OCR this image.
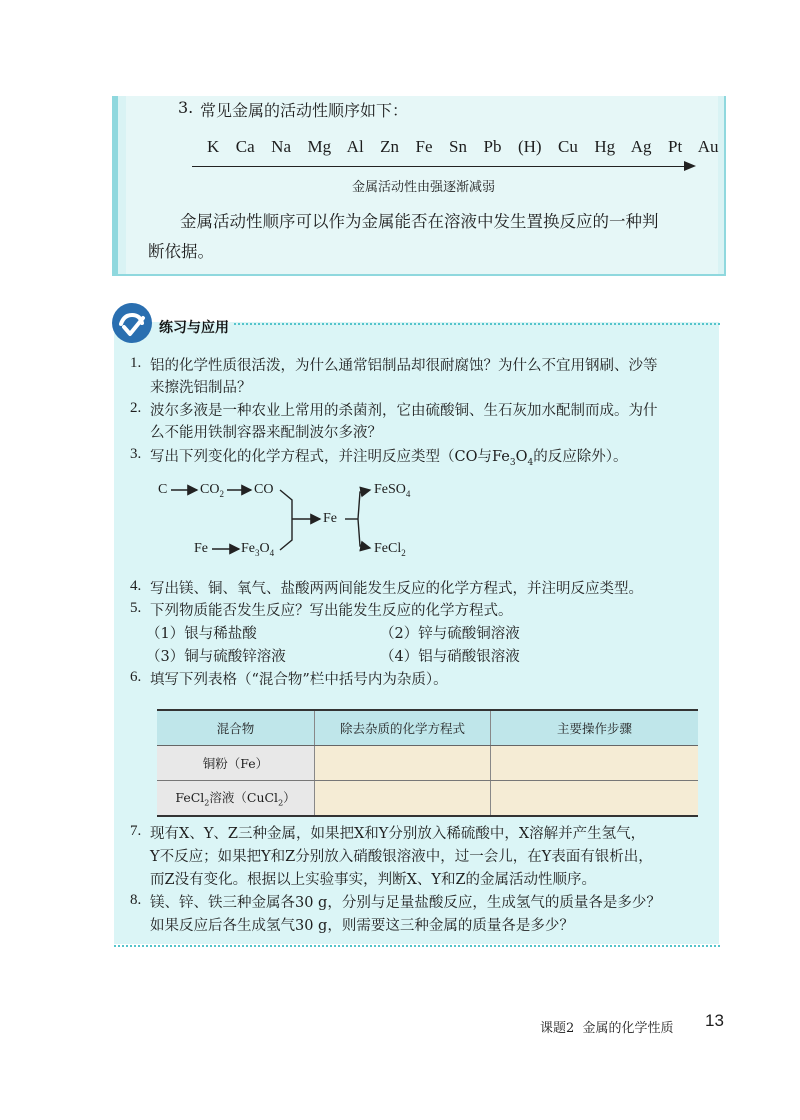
3. 常见金属的活动性顺序如下：
K  Ca  Na  Mg  Al  Zn  Fe  Sn  Pb  (H)  Cu  Hg  Ag  Pt  Au
金属活动性由强逐渐减弱
金属活动性顺序可以作为金属能否在溶液中发生置换反应的一种判
断依据。
练习与应用
1. 铝的化学性质很活泼，为什么通常铝制品却很耐腐蚀？为什么不宜用钢刷、沙等
来擦洗铝制品？
2. 波尔多液是一种农业上常用的杀菌剂，它由硫酸铜、生石灰加水配制而成。为什
么不能用铁制容器来配制波尔多液？
3. 写出下列变化的化学方程式，并注明反应类型（CO与$Fe_3O_4$的反应除外）。
C $CO_2$ CO
Fe $Fe_3O_4$
Fe
FeSO$_4$
FeCl$_2$
4. 写出镁、铜、氧气、盐酸两两间能发生反应的化学方程式，并注明反应类型。
5. 下列物质能否发生反应？写出能发生反应的化学方程式。
（1）银与稀盐酸	（2）锌与硫酸铜溶液
（3）铜与硫酸锌溶液	（4）铝与硝酸银溶液
6. 填写下列表格（“混合物”栏中括号内为杂质）。
混合物	除去杂质的化学方程式	主要操作步骤
铜粉（Fe）		
FeCl$_2$溶液（CuCl$_2$）		
7. 现有X、Y、Z三种金属，如果把X和Y分别放入稀硫酸中，X溶解并产生氢气，
Y不反应；如果把Y和Z分别放入硝酸银溶液中，过一会儿，在Y表面有银析出，
而Z没有变化。根据以上实验事实，判断X、Y和Z的金属活动性顺序。
8. 镁、锌、铁三种金属各30 g，分别与足量盐酸反应，生成氢气的质量各是多少？
如果反应后各生成氢气30 g，则需要这三种金属的质量各是多少？
课题2  金属的化学性质 13
